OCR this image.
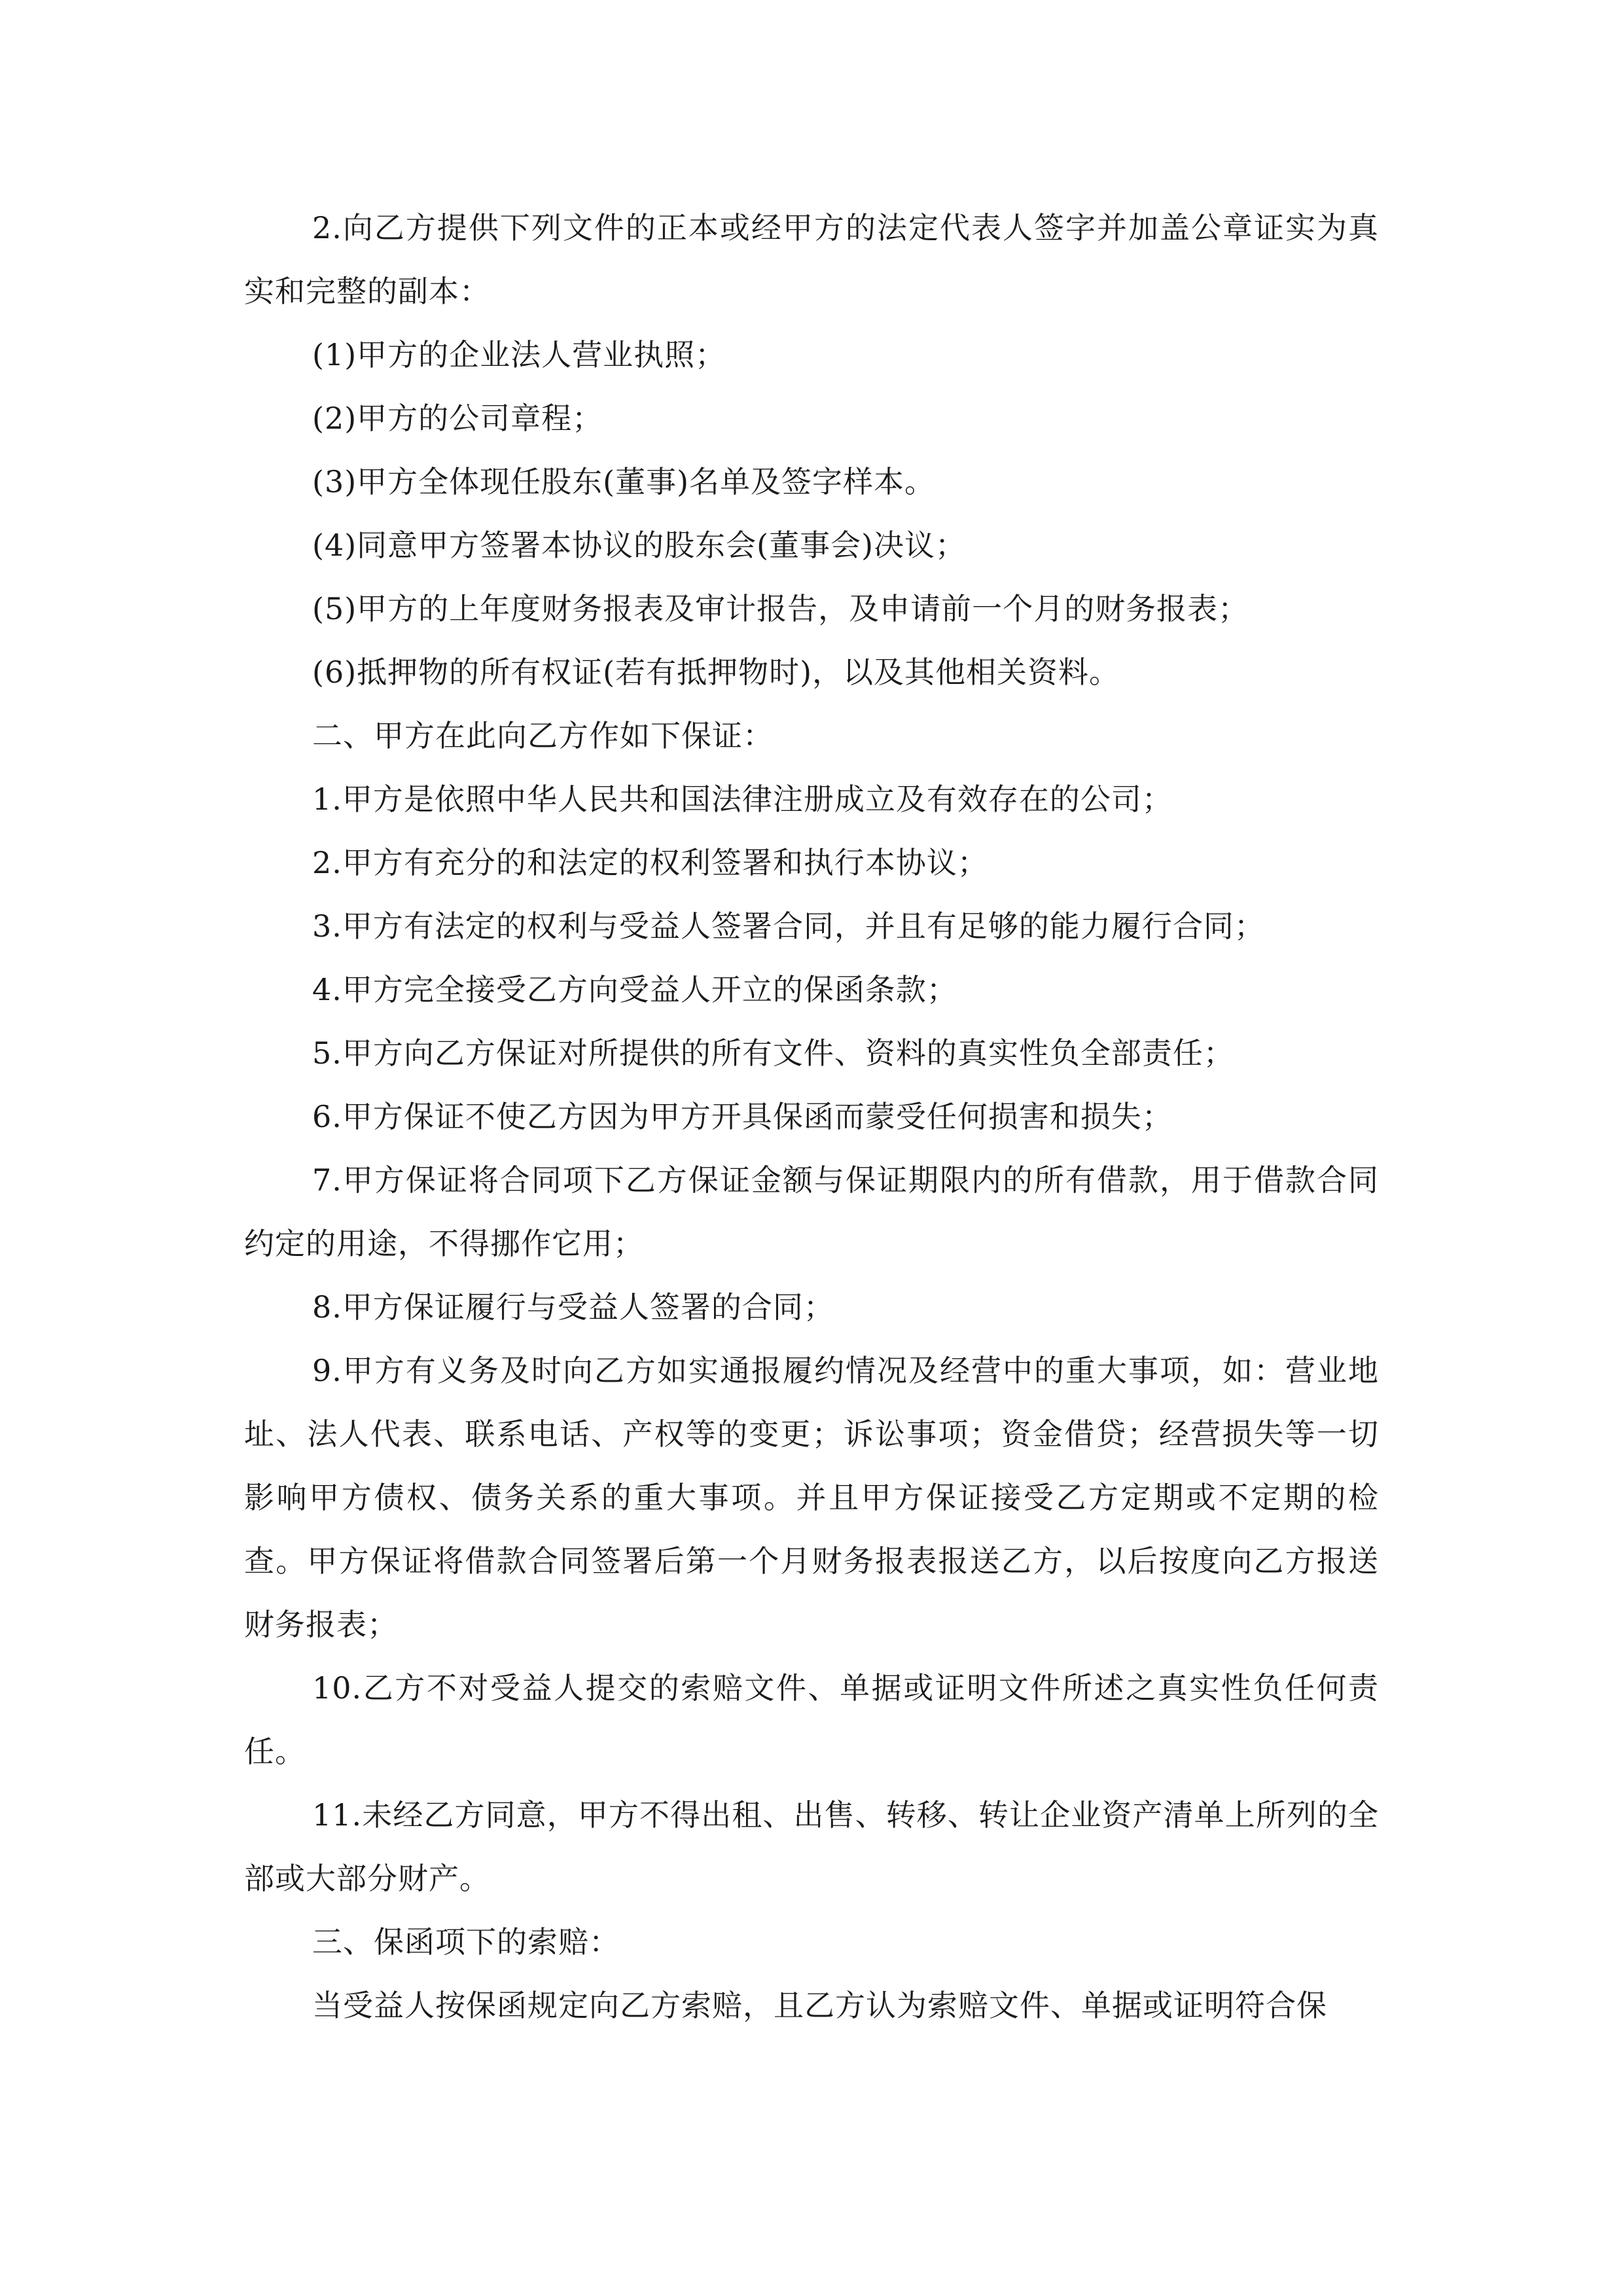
2.向乙方提供下列文件的正本或经甲方的法定代表人签字并加盖公章证实为真实和完整的副本：

(1)甲方的企业法人营业执照；

(2)甲方的公司章程；

(3)甲方全体现任股东(董事)名单及签字样本。

(4)同意甲方签署本协议的股东会(董事会)决议；

(5)甲方的上年度财务报表及审计报告，及申请前一个月的财务报表；

(6)抵押物的所有权证(若有抵押物时)，以及其他相关资料。

二、甲方在此向乙方作如下保证：

1.甲方是依照中华人民共和国法律注册成立及有效存在的公司；

2.甲方有充分的和法定的权利签署和执行本协议；

3.甲方有法定的权利与受益人签署合同，并且有足够的能力履行合同；

4.甲方完全接受乙方向受益人开立的保函条款；

5.甲方向乙方保证对所提供的所有文件、资料的真实性负全部责任；

6.甲方保证不使乙方因为甲方开具保函而蒙受任何损害和损失；

7.甲方保证将合同项下乙方保证金额与保证期限内的所有借款，用于借款合同约定的用途，不得挪作它用；

8.甲方保证履行与受益人签署的合同；

9.甲方有义务及时向乙方如实通报履约情况及经营中的重大事项，如：营业地址、法人代表、联系电话、产权等的变更；诉讼事项；资金借贷；经营损失等一切影响甲方债权、债务关系的重大事项。并且甲方保证接受乙方定期或不定期的检查。甲方保证将借款合同签署后第一个月财务报表报送乙方，以后按度向乙方报送财务报表；

10.乙方不对受益人提交的索赔文件、单据或证明文件所述之真实性负任何责任。

11.未经乙方同意，甲方不得出租、出售、转移、转让企业资产清单上所列的全部或大部分财产。

三、保函项下的索赔：

当受益人按保函规定向乙方索赔，且乙方认为索赔文件、单据或证明符合保
